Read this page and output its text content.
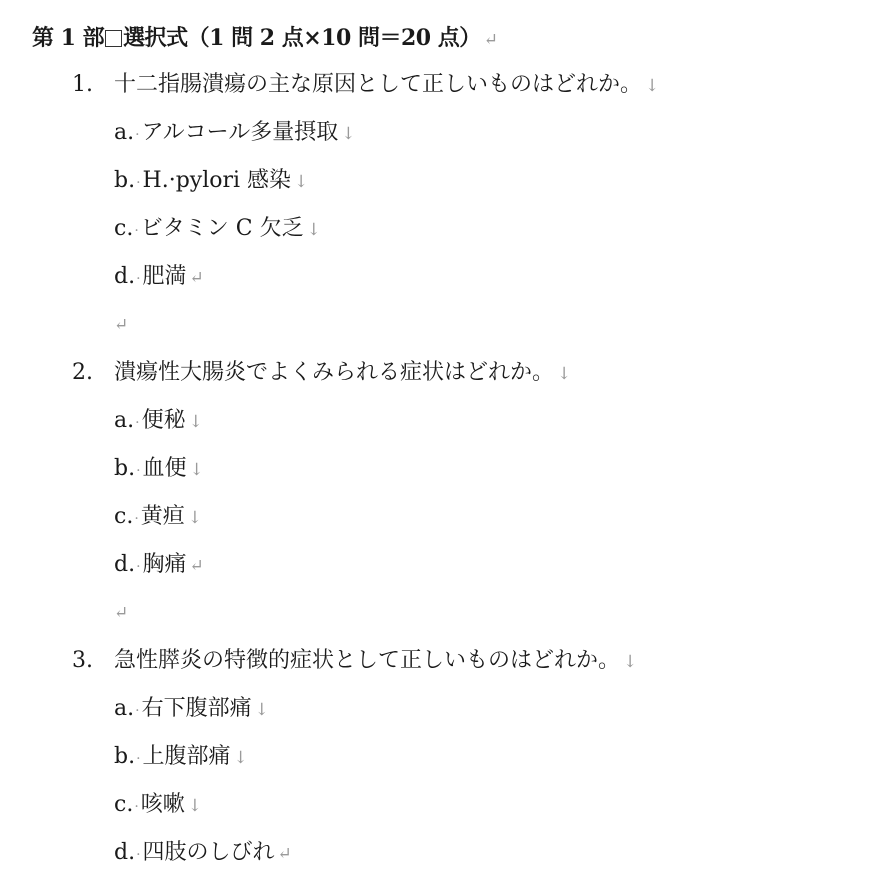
第 1 部 選択式（1 問 2 点×10 問＝20 点） ↵
1. 十二指腸潰瘍の主な原因として正しいものはどれか。 ↓
a.·アルコール多量摂取 ↓
b.·H.·pylori 感染 ↓
c.·ビタミン C 欠乏 ↓
d.·肥満 ↵
↵
2. 潰瘍性大腸炎でよくみられる症状はどれか。 ↓
a.·便秘 ↓
b.·血便 ↓
c.·黄疸 ↓
d.·胸痛 ↵
↵
3. 急性膵炎の特徴的症状として正しいものはどれか。 ↓
a.·右下腹部痛 ↓
b.·上腹部痛 ↓
c.·咳嗽 ↓
d.·四肢のしびれ ↵
